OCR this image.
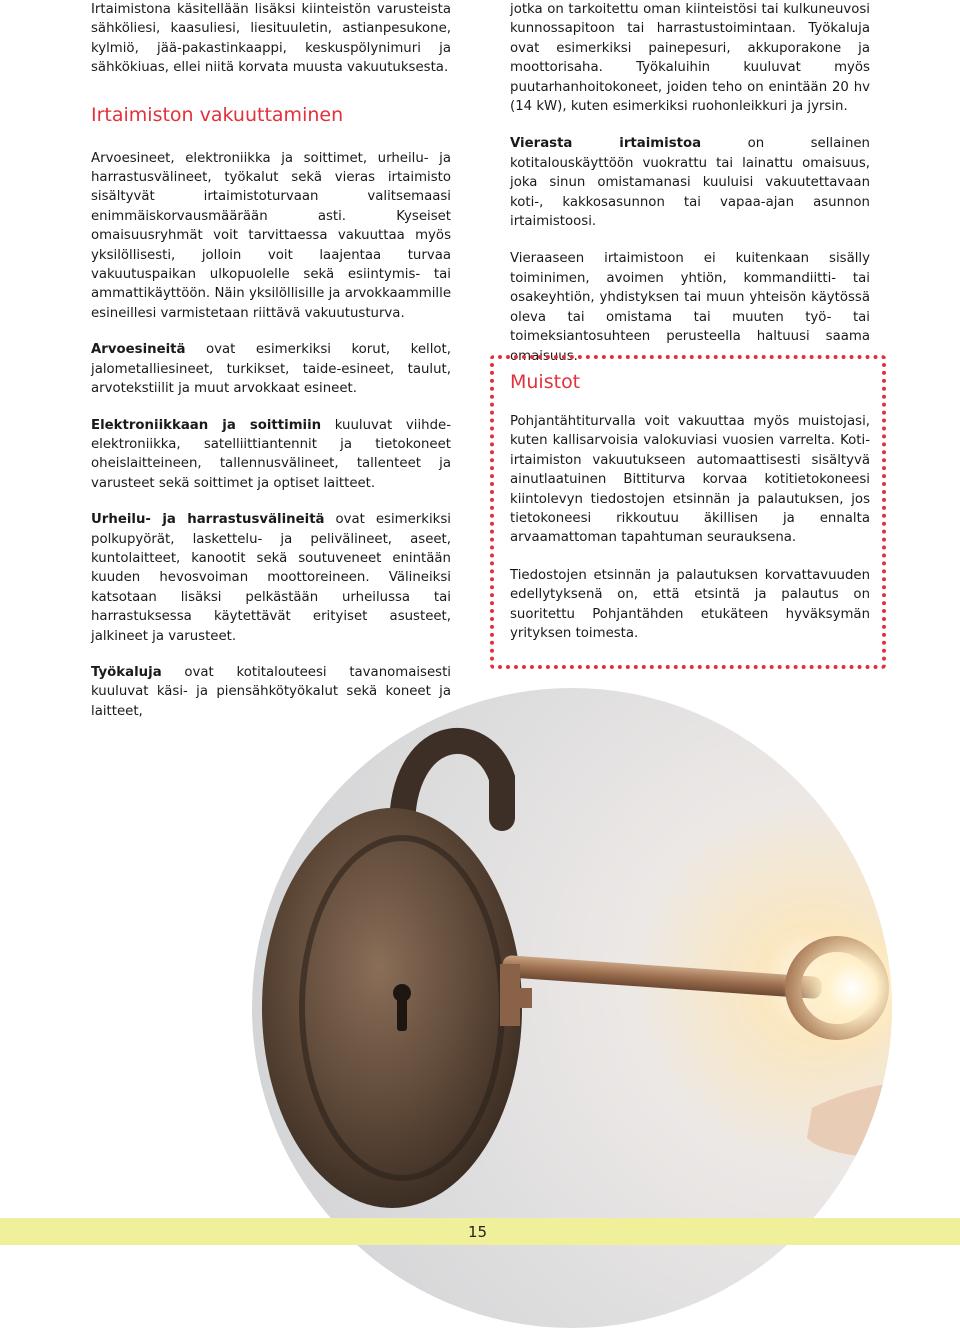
Irtaimistona käsitellään lisäksi kiinteistön varusteista sähköliesi, kaasuliesi, liesituuletin, astianpesukone, kylmiö, jää-pakastinkaappi, keskuspölynimuri ja sähkökiuas, ellei niitä korvata muusta vakuutuksesta.

Irtaimiston vakuuttaminen

Arvoesineet, elektroniikka ja soittimet, urheilu- ja harrastusvälineet, työkalut sekä vieras irtaimisto sisältyvät irtaimistoturvaan valitsemaasi enimmäiskorvausmäärään asti.	Kyseiset omaisuusryhmät voit tarvittaessa vakuuttaa myös yksilöllisesti, jolloin voit laajentaa turvaa vakuutuspaikan ulkopuolelle sekä esiintymis- tai ammattikäyttöön. Näin yksilöllisille ja arvokkaammille esineillesi varmistetaan riittävä vakuutusturva.

Arvoesineitä ovat esimerkiksi korut, kellot, jalometalliesineet, turkikset, taide-esineet, taulut, arvotekstiilit ja muut arvokkaat esineet.

Elektroniikkaan ja soittimiin kuuluvat viihde-elektroniikka, satelliittiantennit ja tietokoneet oheislaitteineen, tallennusvälineet, tallenteet ja varusteet sekä soittimet ja optiset laitteet.

Urheilu- ja harrastusvälineitä ovat esimerkiksi polkupyörät, laskettelu- ja pelivälineet, aseet, kuntolaitteet, kanootit sekä soutuveneet enintään kuuden hevosvoiman moottoreineen. Välineiksi katsotaan lisäksi pelkästään urheilussa tai harrastuksessa käytettävät erityiset asusteet, jalkineet ja varusteet.

Työkaluja ovat kotitalouteesi tavanomaisesti kuuluvat käsi- ja piensähkötyökalut sekä koneet ja laitteet,

jotka on tarkoitettu oman kiinteistösi tai kulkuneuvosi kunnossapitoon tai harrastustoimintaan. Työkaluja ovat esimerkiksi painepesuri, akkuporakone ja moottorisaha. Työkaluihin kuuluvat myös puutarhanhoitokoneet, joiden teho on enintään 20 hv (14 kW), kuten esimerkiksi ruohonleikkuri ja jyrsin.

Vierasta irtaimistoa on sellainen kotitalouskäyttöön vuokrattu tai lainattu omaisuus, joka sinun omistamanasi kuuluisi vakuutettavaan koti-, kakkosasunnon tai vapaa-ajan asunnon irtaimistoosi.

Vieraaseen irtaimistoon ei kuitenkaan sisälly toiminimen, avoimen yhtiön, kommandiitti- tai osakeyhtiön, yhdistyksen tai muun yhteisön käytössä oleva tai omistama tai muuten työ- tai toimeksiantosuhteen perusteella haltuusi saama omaisuus.

Muistot

Pohjantähtiturvalla voit vakuuttaa myös muistojasi, kuten kallisarvoisia valokuviasi vuosien varrelta. Koti-irtaimiston vakuutukseen automaattisesti sisältyvä ainutlaatuinen Bittiturva korvaa kotitietokoneesi kiintolevyn tiedostojen etsinnän ja palautuksen, jos tietokoneesi rikkoutuu äkillisen ja ennalta arvaamattoman tapahtuman seurauksena.

Tiedostojen etsinnän ja palautuksen korvattavuuden edellytyksenä on, että etsintä ja palautus on suoritettu Pohjantähden etukäteen hyväksymän yrityksen toimesta.

15
